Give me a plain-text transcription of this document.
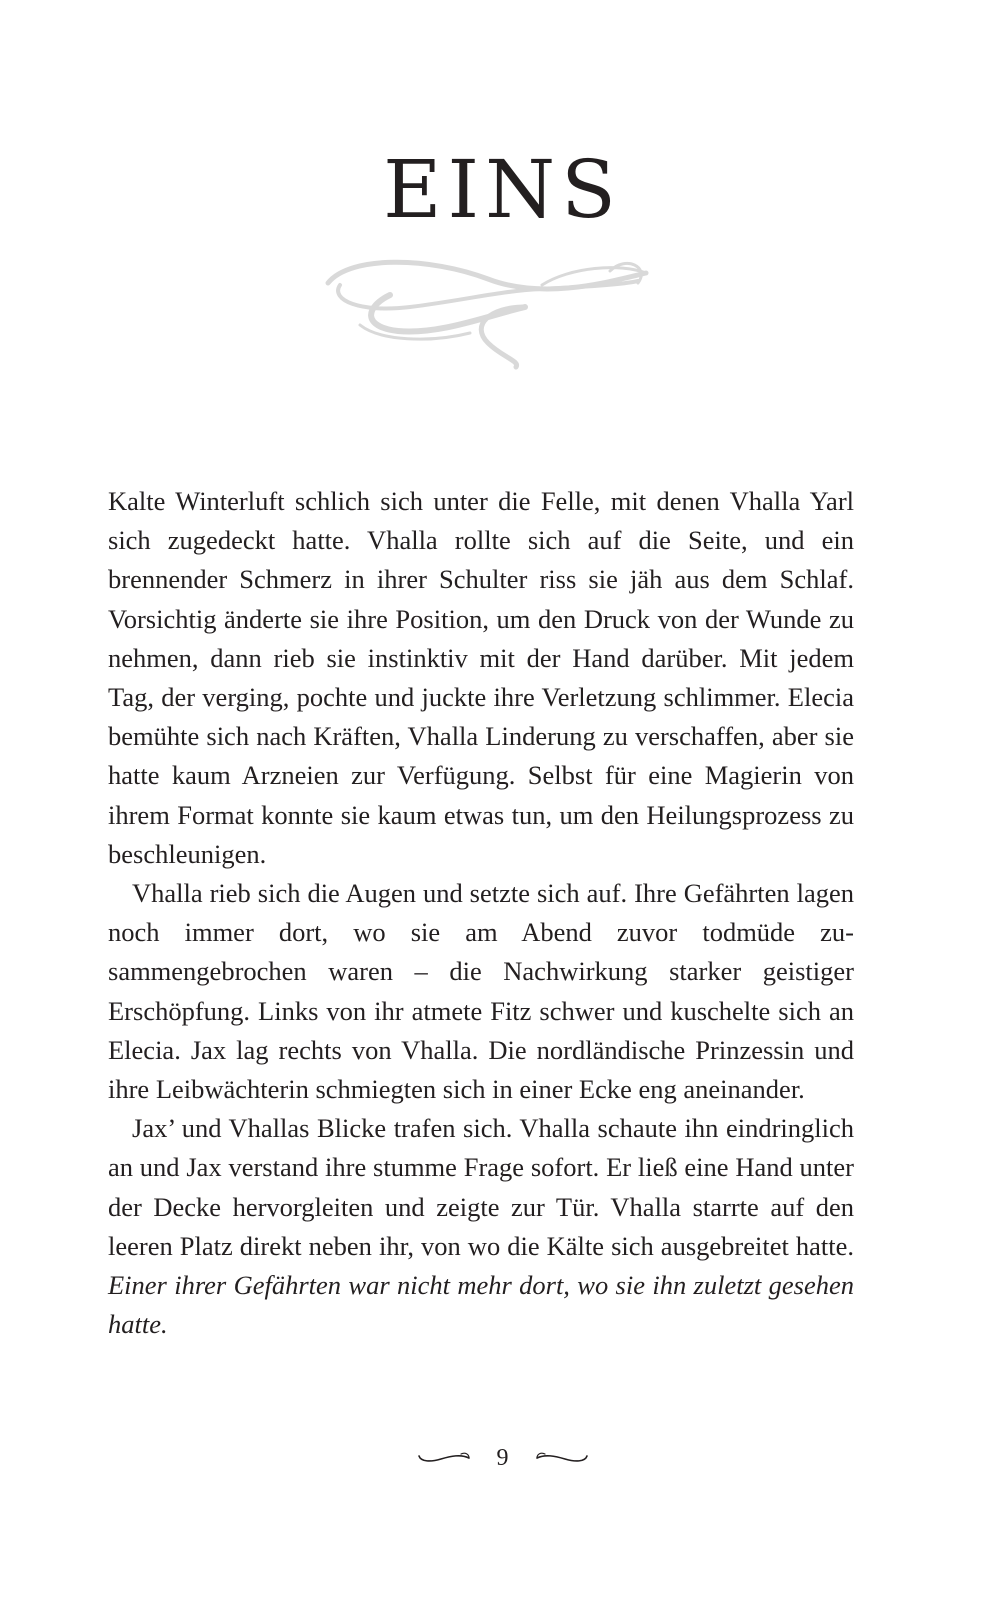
EINS

Kalte Winterluft schlich sich unter die Felle, mit denen Vhalla Yarl sich zugedeckt hatte. Vhalla rollte sich auf die Seite, und ein brennender Schmerz in ihrer Schulter riss sie jäh aus dem Schlaf. Vorsichtig änderte sie ihre Position, um den Druck von der Wunde zu nehmen, dann rieb sie instinktiv mit der Hand darüber. Mit jedem Tag, der verging, pochte und juckte ihre Verletzung schlimmer. Elecia bemühte sich nach Kräften, Vhalla Linderung zu verschaffen, aber sie hatte kaum Arzneien zur Verfügung. Selbst für eine Magierin von ihrem Format konnte sie kaum etwas tun, um den Heilungsprozess zu beschleunigen.

Vhalla rieb sich die Augen und setzte sich auf. Ihre Gefährten lagen noch immer dort, wo sie am Abend zuvor todmüde zusammengebrochen waren – die Nachwirkung starker geistiger Erschöpfung. Links von ihr atmete Fitz schwer und kuschelte sich an Elecia. Jax lag rechts von Vhalla. Die nordländische Prinzessin und ihre Leibwächterin schmiegten sich in einer Ecke eng aneinander.

Jax’ und Vhallas Blicke trafen sich. Vhalla schaute ihn eindringlich an und Jax verstand ihre stumme Frage sofort. Er ließ eine Hand unter der Decke hervorgleiten und zeigte zur Tür. Vhalla starrte auf den leeren Platz direkt neben ihr, von wo die Kälte sich ausgebreitet hatte. Einer ihrer Gefährten war nicht mehr dort, wo sie ihn zuletzt gesehen hatte.

9
